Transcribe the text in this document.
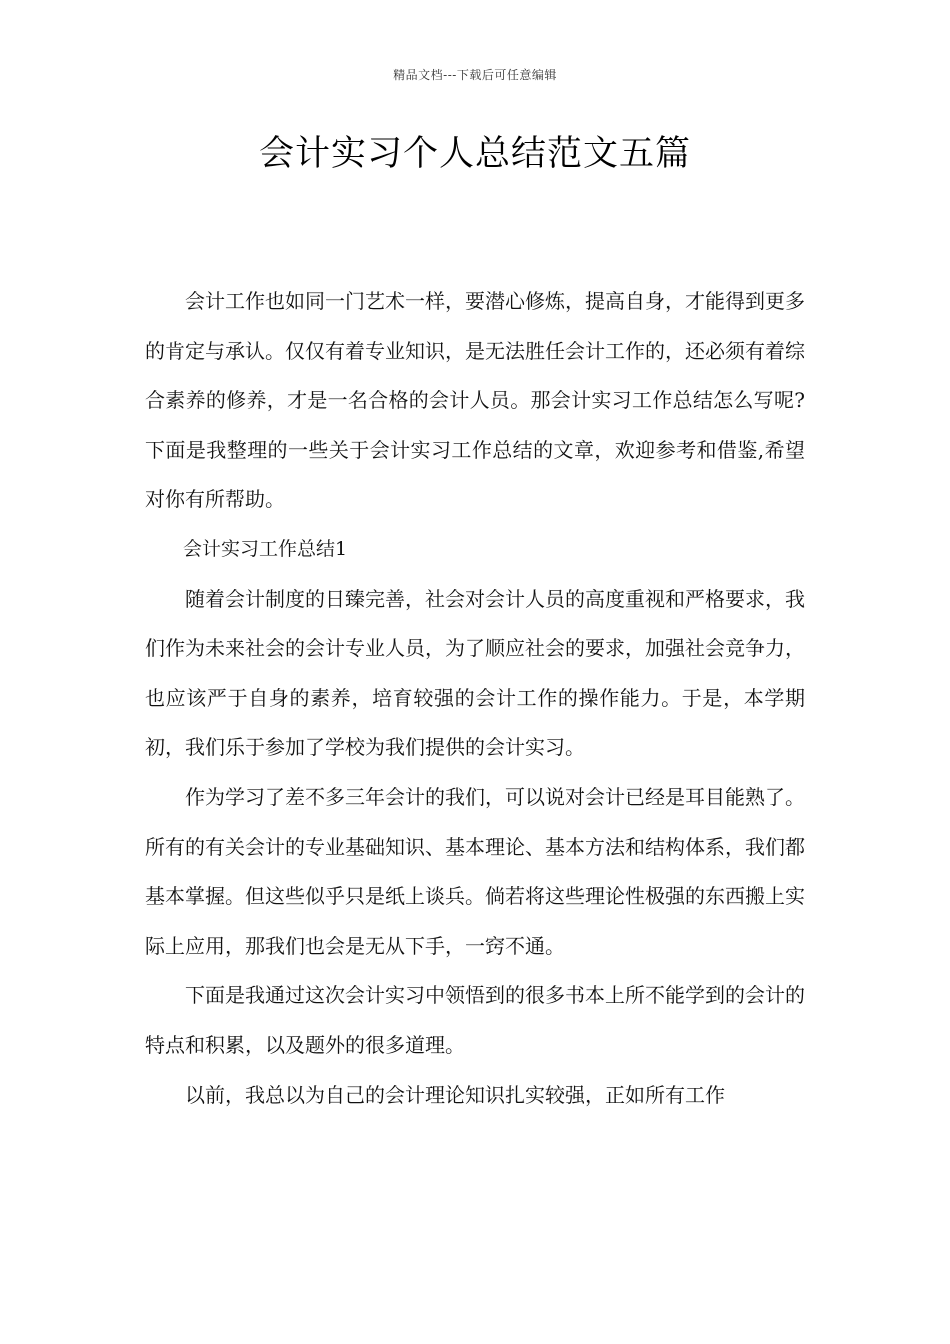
精品文档---下载后可任意编辑
会计实习个人总结范文五篇

会计工作也如同一门艺术一样，要潜心修炼，提高自身，才能得到更多的肯定与承认。仅仅有着专业知识，是无法胜任会计工作的，还必须有着综合素养的修养，才是一名合格的会计人员。那会计实习工作总结怎么写呢?下面是我整理的一些关于会计实习工作总结的文章，欢迎参考和借鉴,希望对你有所帮助。

会计实习工作总结1

随着会计制度的日臻完善，社会对会计人员的高度重视和严格要求，我们作为未来社会的会计专业人员，为了顺应社会的要求，加强社会竞争力，也应该严于自身的素养，培育较强的会计工作的操作能力。于是，本学期初，我们乐于参加了学校为我们提供的会计实习。

作为学习了差不多三年会计的我们，可以说对会计已经是耳目能熟了。所有的有关会计的专业基础知识、基本理论、基本方法和结构体系，我们都基本掌握。但这些似乎只是纸上谈兵。倘若将这些理论性极强的东西搬上实际上应用，那我们也会是无从下手，一窍不通。

下面是我通过这次会计实习中领悟到的很多书本上所不能学到的会计的特点和积累，以及题外的很多道理。

以前，我总以为自己的会计理论知识扎实较强，正如所有工作
